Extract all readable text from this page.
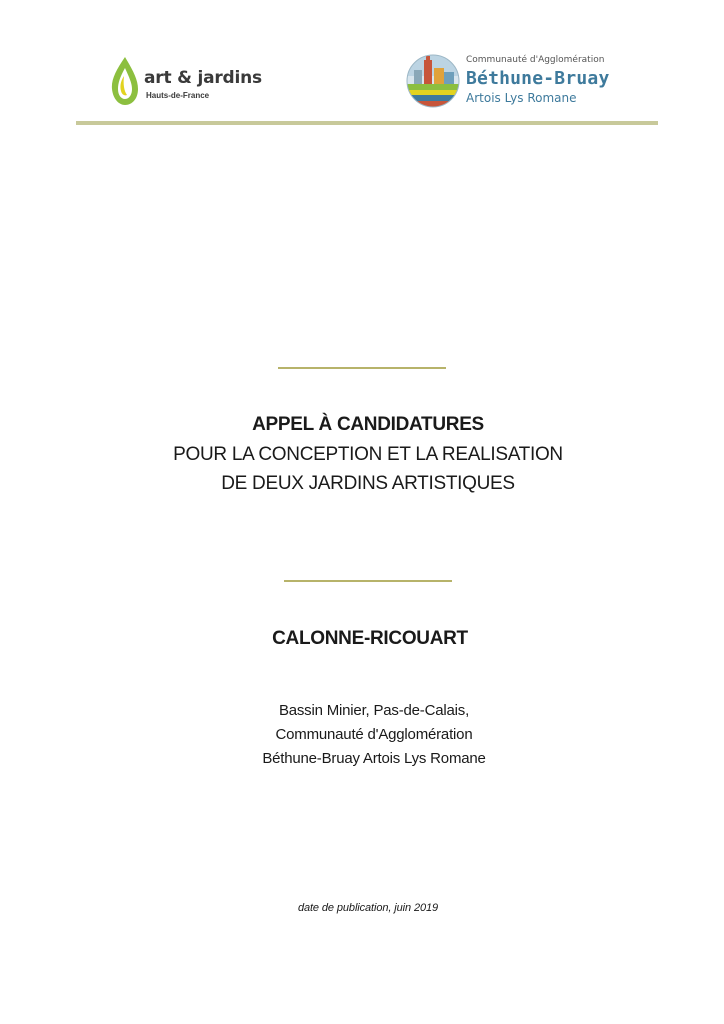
art & jardins
Hauts-de-France
Communauté d'Agglomération
Béthune-Bruay
Artois Lys Romane
APPEL À CANDIDATURES
POUR LA CONCEPTION ET LA REALISATION
DE DEUX JARDINS ARTISTIQUES
CALONNE-RICOUART
Bassin Minier, Pas-de-Calais,
Communauté d'Agglomération
Béthune-Bruay Artois Lys Romane
date de publication, juin 2019
